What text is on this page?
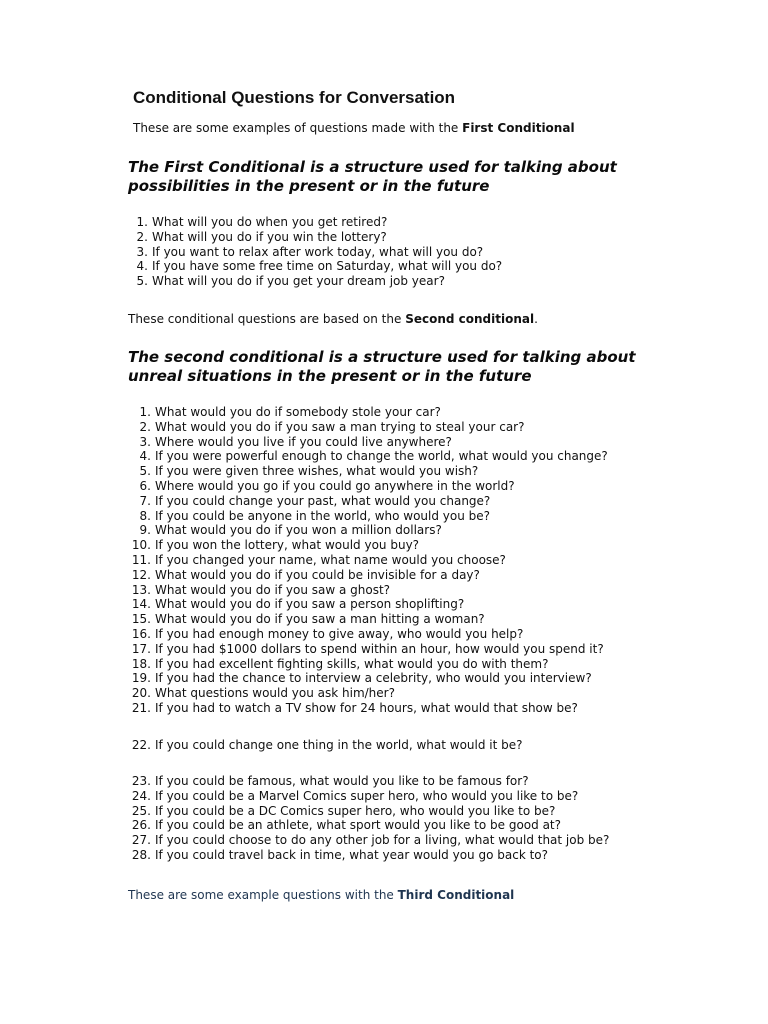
Conditional Questions for Conversation
These are some examples of questions made with the First Conditional
The First Conditional is a structure used for talking about
possibilities in the present or in the future
1. What will you do when you get retired?
2. What will you do if you win the lottery?
3. If you want to relax after work today, what will you do?
4. If you have some free time on Saturday, what will you do?
5. What will you do if you get your dream job year?
These conditional questions are based on the Second conditional.
The second conditional is a structure used for talking about
unreal situations in the present or in the future
1. What would you do if somebody stole your car?
2. What would you do if you saw a man trying to steal your car?
3. Where would you live if you could live anywhere?
4. If you were powerful enough to change the world, what would you change?
5. If you were given three wishes, what would you wish?
6. Where would you go if you could go anywhere in the world?
7. If you could change your past, what would you change?
8. If you could be anyone in the world, who would you be?
9. What would you do if you won a million dollars?
10. If you won the lottery, what would you buy?
11. If you changed your name, what name would you choose?
12. What would you do if you could be invisible for a day?
13. What would you do if you saw a ghost?
14. What would you do if you saw a person shoplifting?
15. What would you do if you saw a man hitting a woman?
16. If you had enough money to give away, who would you help?
17. If you had $1000 dollars to spend within an hour, how would you spend it?
18. If you had excellent fighting skills, what would you do with them?
19. If you had the chance to interview a celebrity, who would you interview?
20. What questions would you ask him/her?
21. If you had to watch a TV show for 24 hours, what would that show be?
22. If you could change one thing in the world, what would it be?
23. If you could be famous, what would you like to be famous for?
24. If you could be a Marvel Comics super hero, who would you like to be?
25. If you could be a DC Comics super hero, who would you like to be?
26. If you could be an athlete, what sport would you like to be good at?
27. If you could choose to do any other job for a living, what would that job be?
28. If you could travel back in time, what year would you go back to?
These are some example questions with the Third Conditional
